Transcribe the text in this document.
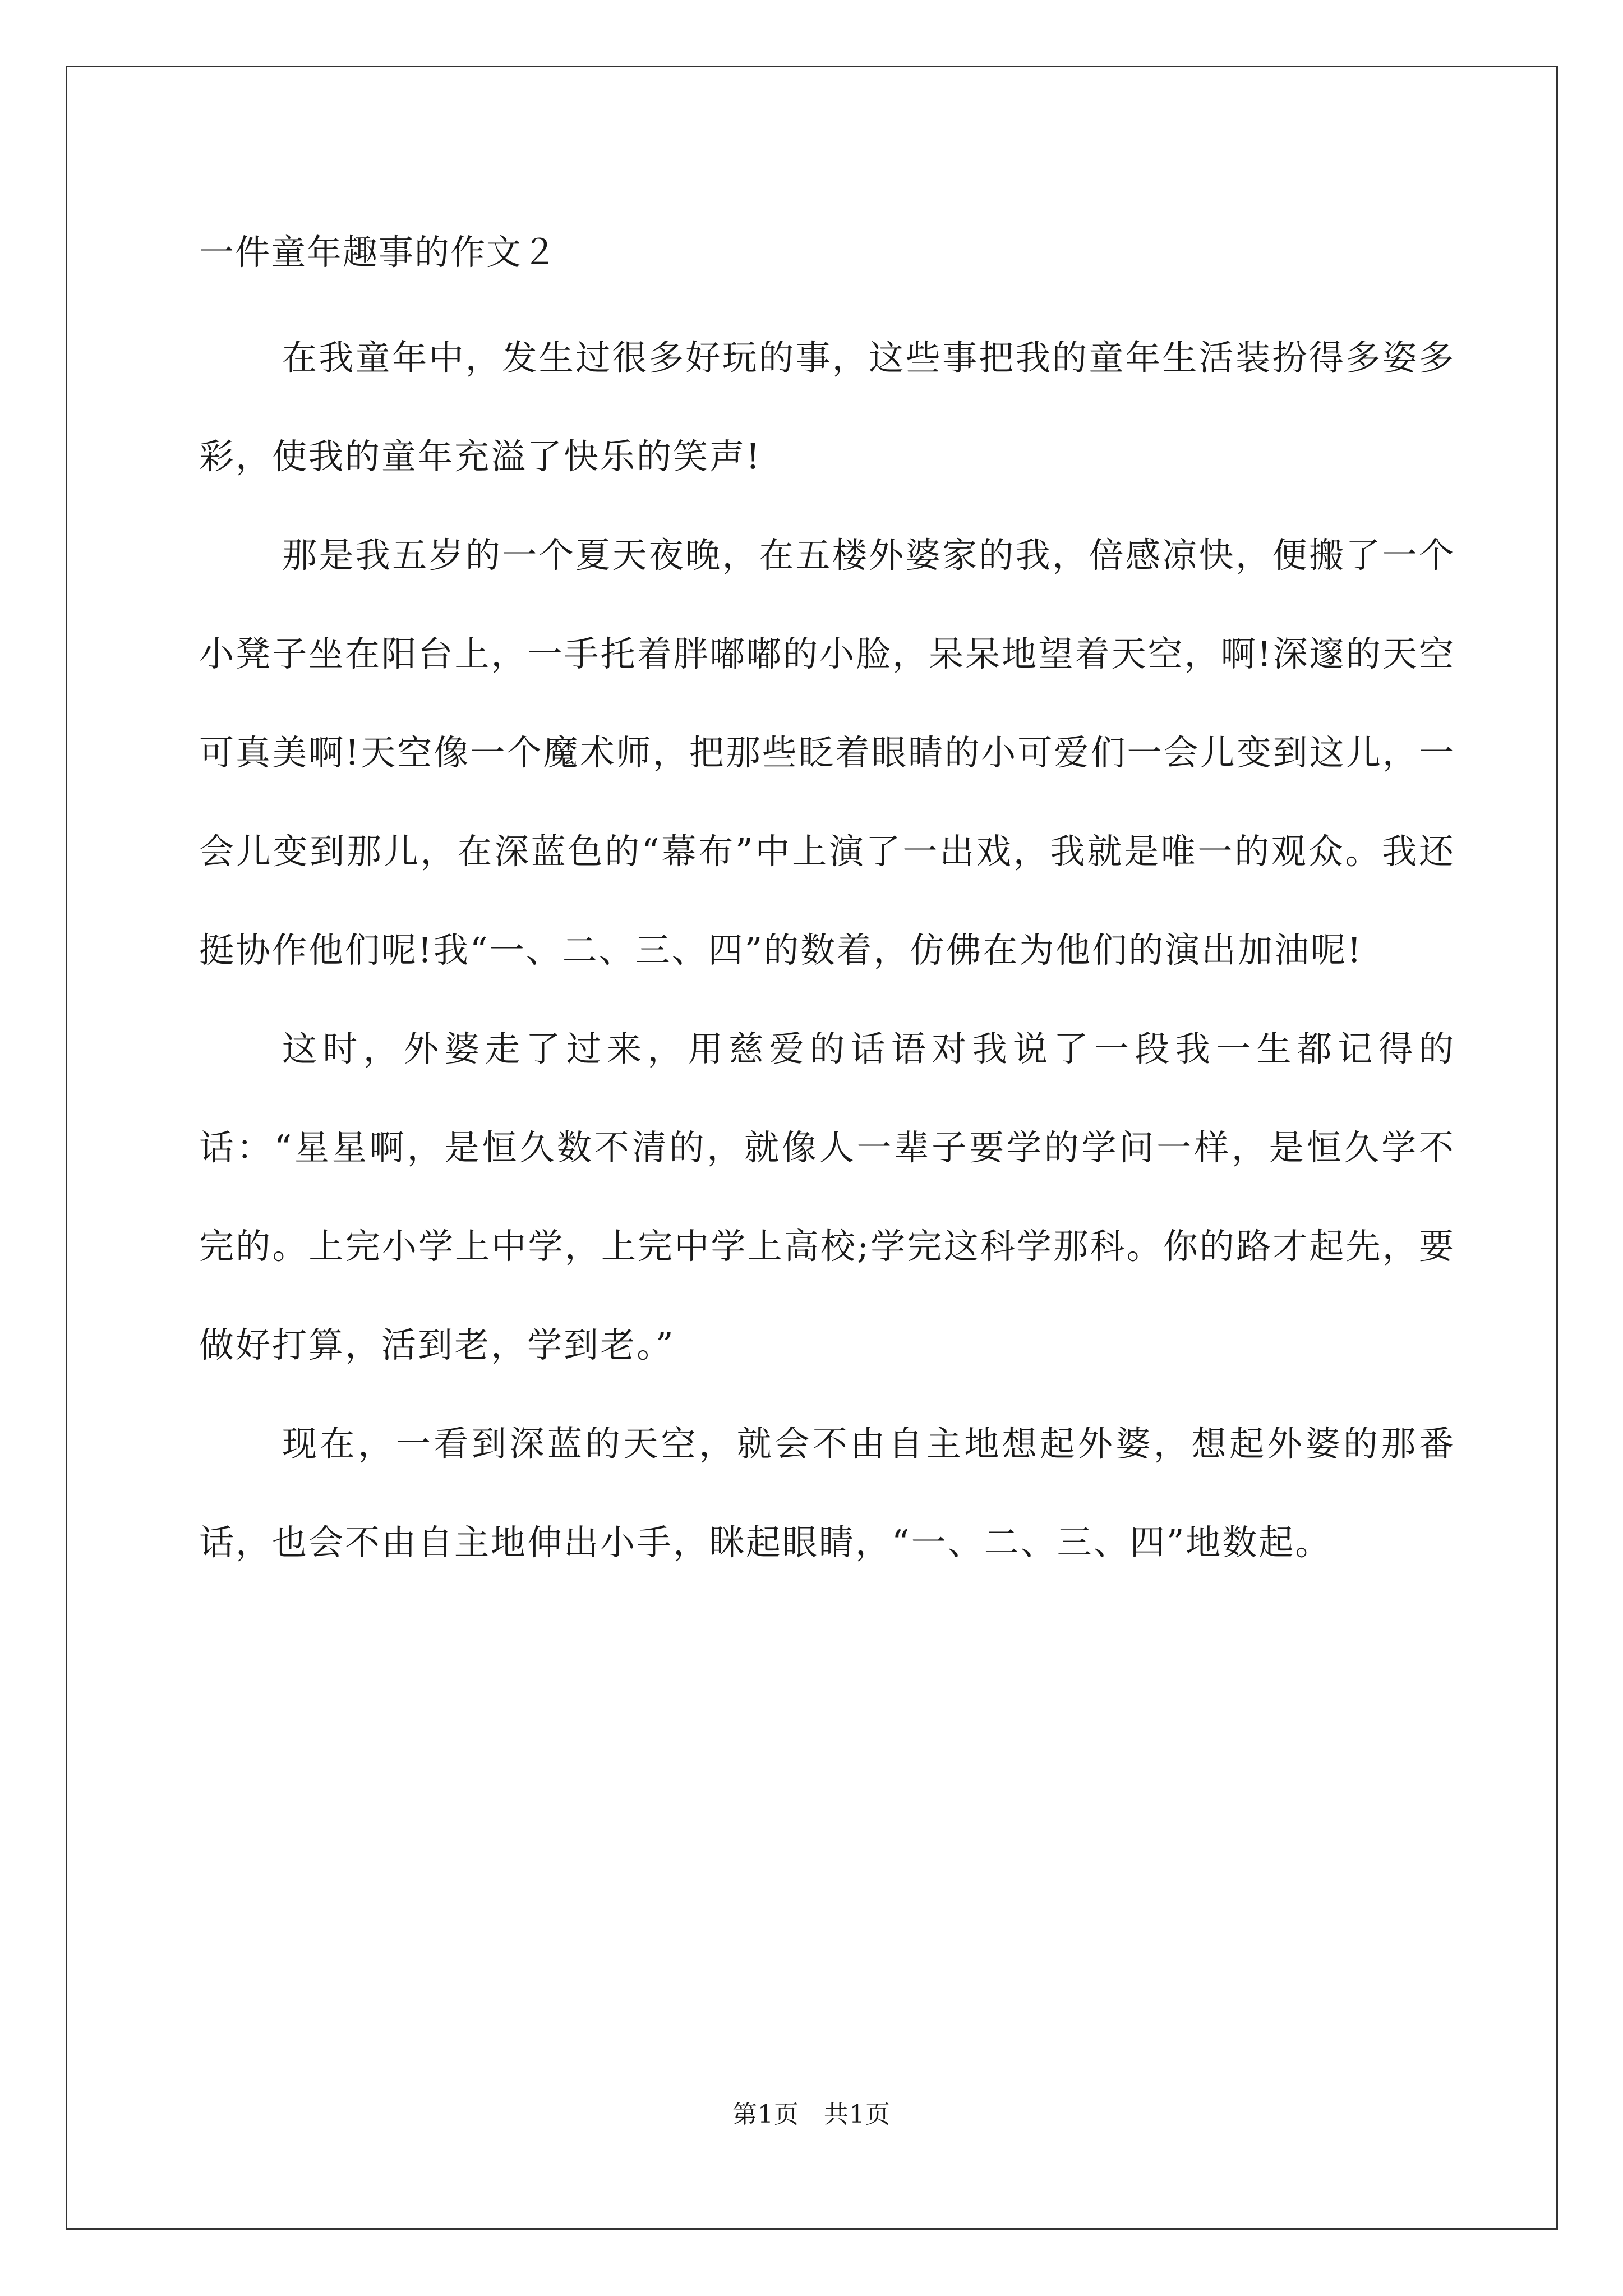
一件童年趣事的作文２

在我童年中，发生过很多好玩的事，这些事把我的童年生活装扮得多姿多彩，使我的童年充溢了快乐的笑声!

那是我五岁的一个夏天夜晚，在五楼外婆家的我，倍感凉快，便搬了一个小凳子坐在阳台上，一手托着胖嘟嘟的小脸，呆呆地望着天空，啊!深邃的天空可真美啊!天空像一个魔术师，把那些眨着眼睛的小可爱们一会儿变到这儿，一会儿变到那儿，在深蓝色的“幕布”中上演了一出戏，我就是唯一的观众。我还挺协作他们呢!我“一、二、三、四”的数着，仿佛在为他们的演出加油呢!

这时，外婆走了过来，用慈爱的话语对我说了一段我一生都记得的话：“星星啊，是恒久数不清的，就像人一辈子要学的学问一样，是恒久学不完的。上完小学上中学，上完中学上高校;学完这科学那科。你的路才起先，要做好打算，活到老，学到老。”

现在，一看到深蓝的天空，就会不由自主地想起外婆，想起外婆的那番话，也会不由自主地伸出小手，眯起眼睛，“一、二、三、四”地数起。

第1页 共1页
